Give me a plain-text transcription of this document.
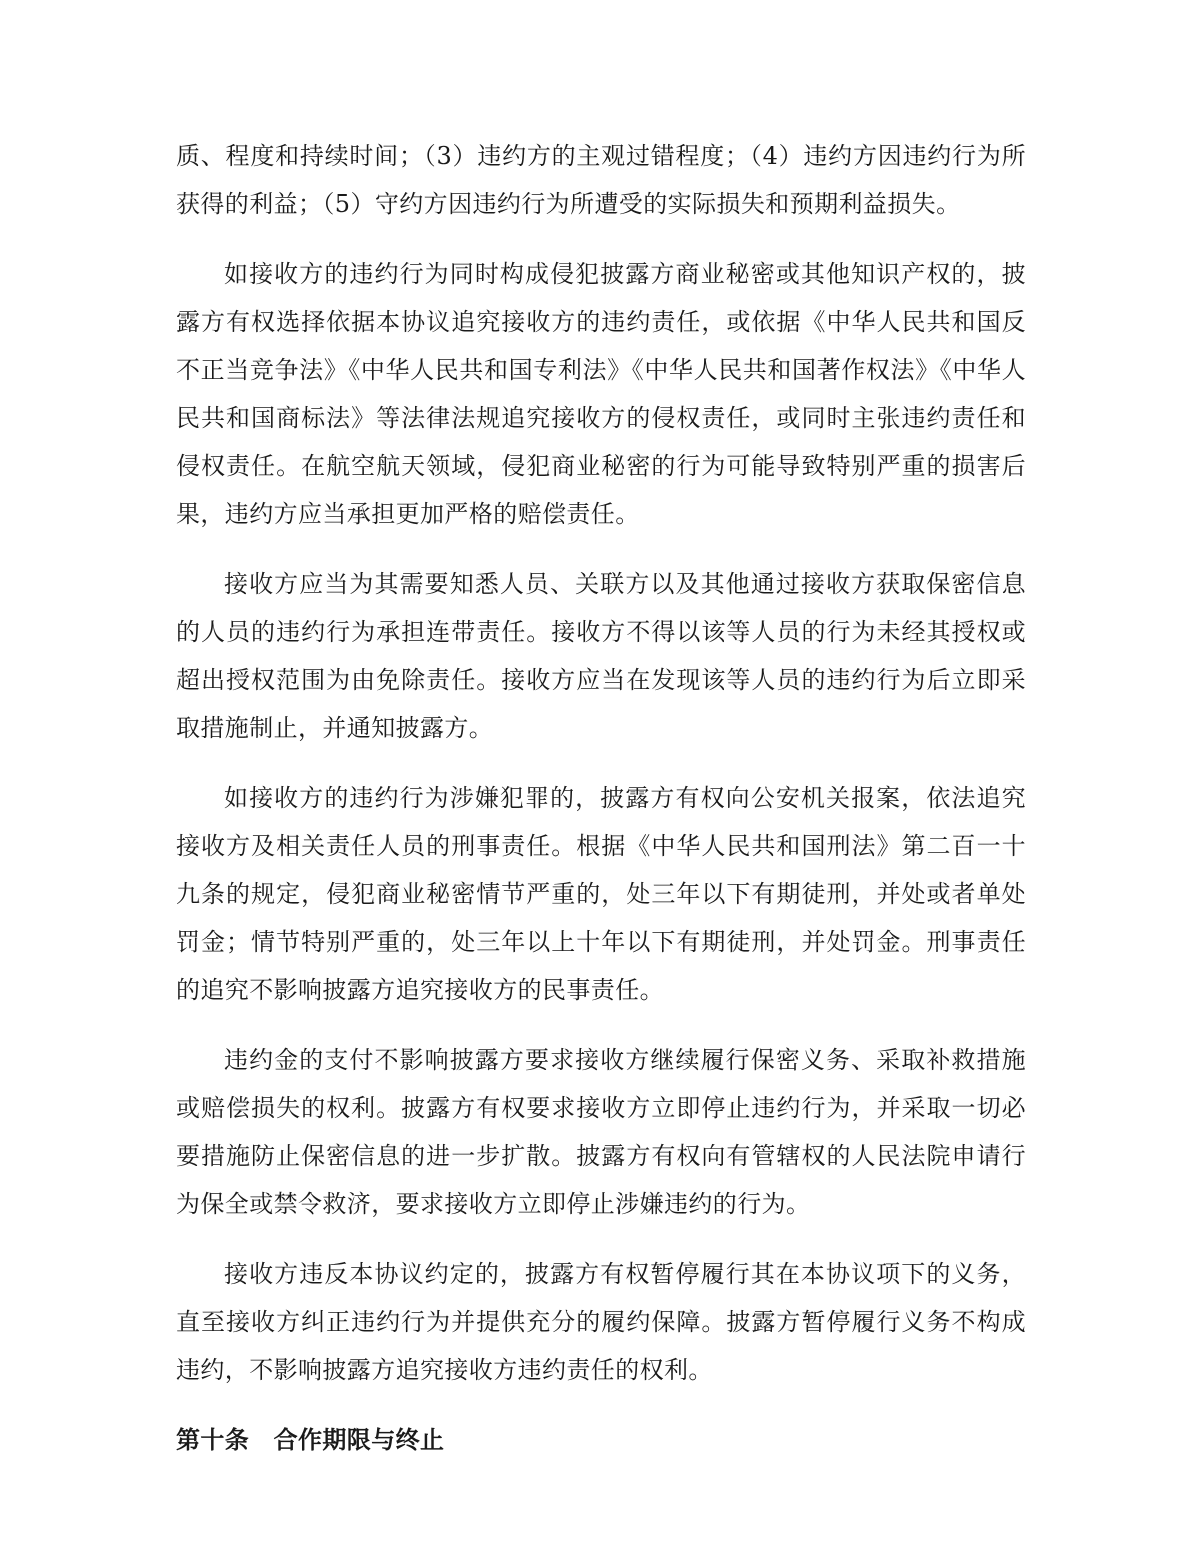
质、程度和持续时间；（3）违约方的主观过错程度；（4）违约方因违约行为所获得的利益；（5）守约方因违约行为所遭受的实际损失和预期利益损失。

如接收方的违约行为同时构成侵犯披露方商业秘密或其他知识产权的，披露方有权选择依据本协议追究接收方的违约责任，或依据《中华人民共和国反不正当竞争法》《中华人民共和国专利法》《中华人民共和国著作权法》《中华人民共和国商标法》等法律法规追究接收方的侵权责任，或同时主张违约责任和侵权责任。在航空航天领域，侵犯商业秘密的行为可能导致特别严重的损害后果，违约方应当承担更加严格的赔偿责任。

接收方应当为其需要知悉人员、关联方以及其他通过接收方获取保密信息的人员的违约行为承担连带责任。接收方不得以该等人员的行为未经其授权或超出授权范围为由免除责任。接收方应当在发现该等人员的违约行为后立即采取措施制止，并通知披露方。

如接收方的违约行为涉嫌犯罪的，披露方有权向公安机关报案，依法追究接收方及相关责任人员的刑事责任。根据《中华人民共和国刑法》第二百一十九条的规定，侵犯商业秘密情节严重的，处三年以下有期徒刑，并处或者单处罚金；情节特别严重的，处三年以上十年以下有期徒刑，并处罚金。刑事责任的追究不影响披露方追究接收方的民事责任。

违约金的支付不影响披露方要求接收方继续履行保密义务、采取补救措施或赔偿损失的权利。披露方有权要求接收方立即停止违约行为，并采取一切必要措施防止保密信息的进一步扩散。披露方有权向有管辖权的人民法院申请行为保全或禁令救济，要求接收方立即停止涉嫌违约的行为。

接收方违反本协议约定的，披露方有权暂停履行其在本协议项下的义务，直至接收方纠正违约行为并提供充分的履约保障。披露方暂停履行义务不构成违约，不影响披露方追究接收方违约责任的权利。

第十条　合作期限与终止
